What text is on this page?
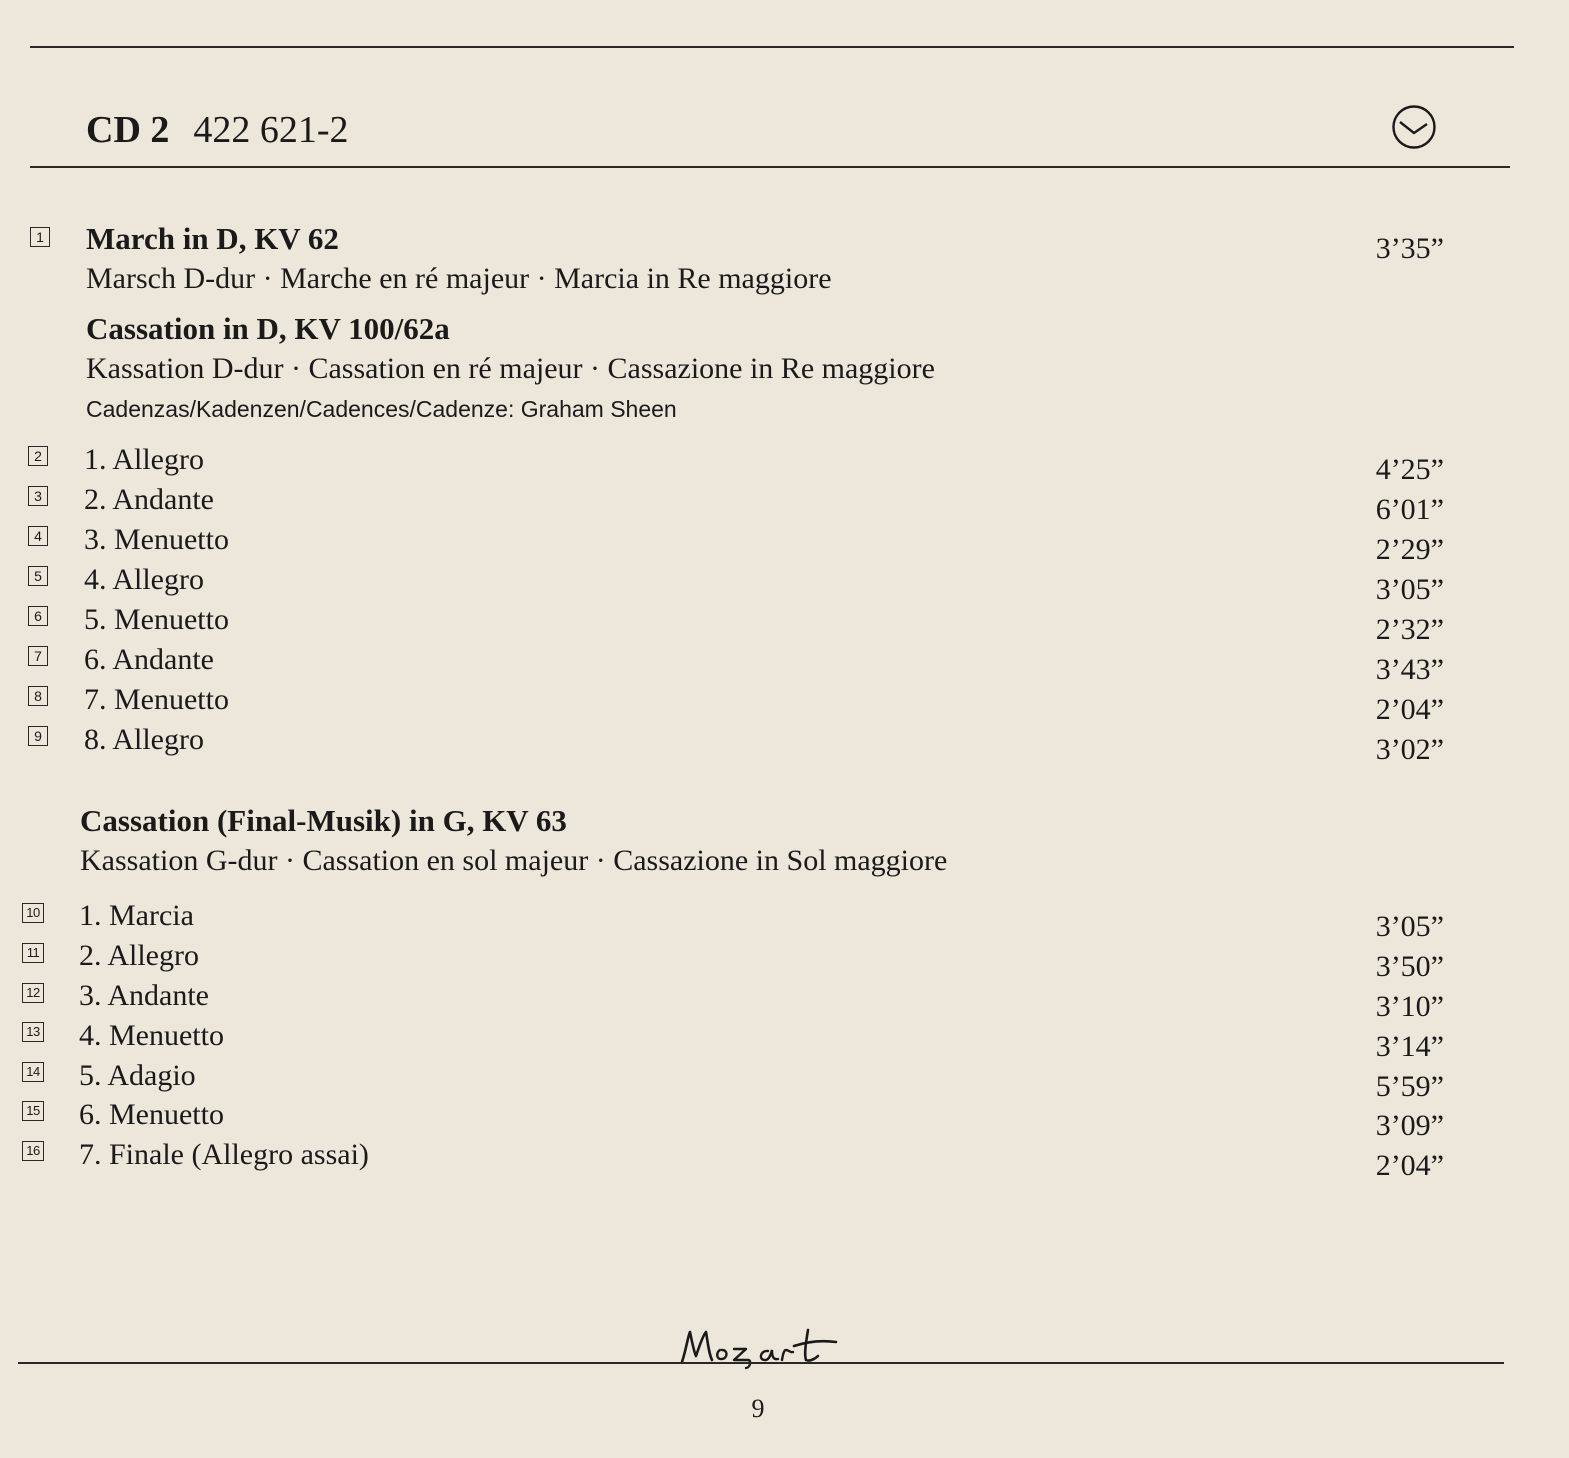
CD 2 422 621-2
1 March in D, KV 62	3’35”
Marsch D-dur · Marche en ré majeur · Marcia in Re maggiore
Cassation in D, KV 100/62a
Kassation D-dur · Cassation en ré majeur · Cassazione in Re maggiore
Cadenzas/Kadenzen/Cadences/Cadenze: Graham Sheen
2 1. Allegro	4’25”
3 2. Andante	6’01”
4 3. Menuetto	2’29”
5 4. Allegro	3’05”
6 5. Menuetto	2’32”
7 6. Andante	3’43”
8 7. Menuetto	2’04”
9 8. Allegro	3’02”
Cassation (Final-Musik) in G, KV 63
Kassation G-dur · Cassation en sol majeur · Cassazione in Sol maggiore
10 1. Marcia	3’05”
11 2. Allegro	3’50”
12 3. Andante	3’10”
13 4. Menuetto	3’14”
14 5. Adagio	5’59”
15 6. Menuetto	3’09”
16 7. Finale (Allegro assai)	2’04”
9
